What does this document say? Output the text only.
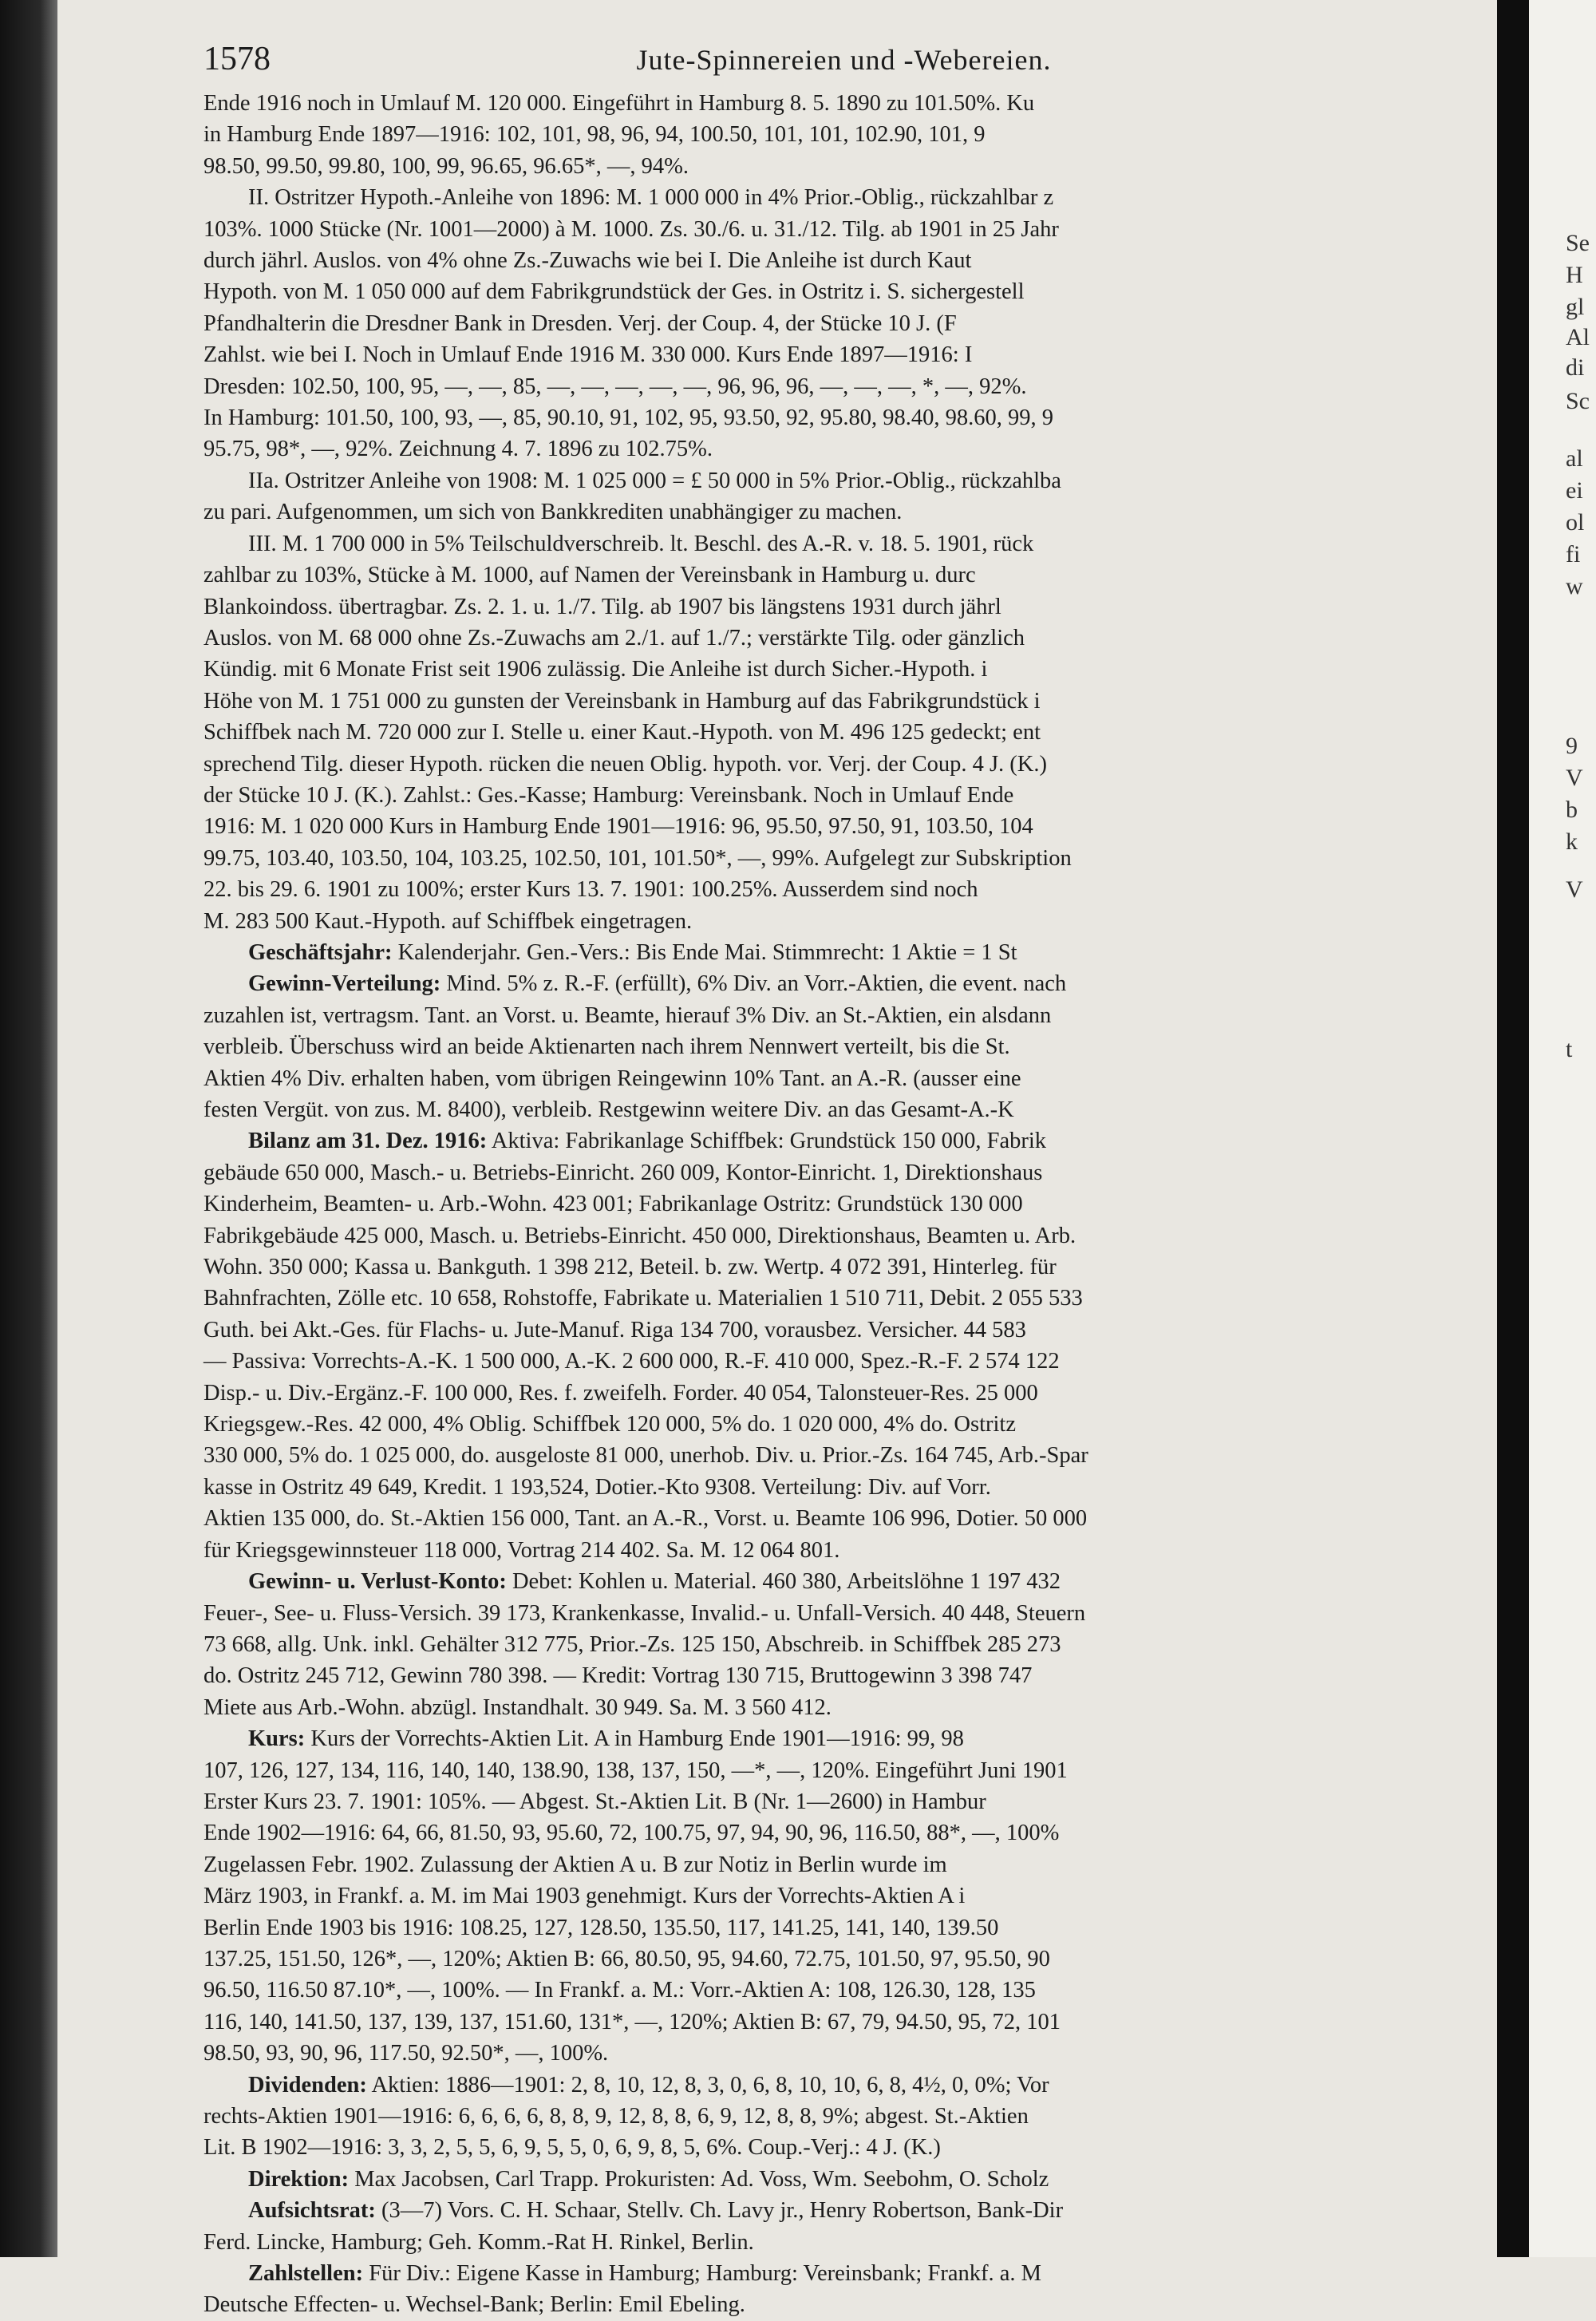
Se
H
gl
Al
di
Sc
al
ei
ol
fi
w
9
V
b
k
V
t
1578	Jute-Spinnereien und -Webereien.

Ende 1916 noch in Umlauf M. 120 000. Eingeführt in Hamburg 8. 5. 1890 zu 101.50%. Ku

in Hamburg Ende 1897—1916: 102, 101, 98, 96, 94, 100.50, 101, 101, 102.90, 101, 9

98.50, 99.50, 99.80, 100, 99, 96.65, 96.65*, —, 94%.

II. Ostritzer Hypoth.-Anleihe von 1896: M. 1 000 000 in 4% Prior.-Oblig., rückzahlbar z

103%. 1000 Stücke (Nr. 1001—2000) à M. 1000. Zs. 30./6. u. 31./12. Tilg. ab 1901 in 25 Jahr

durch jährl. Auslos. von 4% ohne Zs.-Zuwachs wie bei I. Die Anleihe ist durch Kaut

Hypoth. von M. 1 050 000 auf dem Fabrikgrundstück der Ges. in Ostritz i. S. sichergestell

Pfandhalterin die Dresdner Bank in Dresden. Verj. der Coup. 4, der Stücke 10 J. (F

Zahlst. wie bei I. Noch in Umlauf Ende 1916 M. 330 000. Kurs Ende 1897—1916: I

Dresden: 102.50, 100, 95, —, —, 85, —, —, —, —, —, 96, 96, 96, —, —, —, *, —, 92%.

In Hamburg: 101.50, 100, 93, —, 85, 90.10, 91, 102, 95, 93.50, 92, 95.80, 98.40, 98.60, 99, 9

95.75, 98*, —, 92%. Zeichnung 4. 7. 1896 zu 102.75%.

IIa. Ostritzer Anleihe von 1908: M. 1 025 000 = £ 50 000 in 5% Prior.-Oblig., rückzahlba

zu pari. Aufgenommen, um sich von Bankkrediten unabhängiger zu machen.

III. M. 1 700 000 in 5% Teilschuldverschreib. lt. Beschl. des A.-R. v. 18. 5. 1901, rück

zahlbar zu 103%, Stücke à M. 1000, auf Namen der Vereinsbank in Hamburg u. durc

Blankoindoss. übertragbar. Zs. 2. 1. u. 1./7. Tilg. ab 1907 bis längstens 1931 durch jährl

Auslos. von M. 68 000 ohne Zs.-Zuwachs am 2./1. auf 1./7.; verstärkte Tilg. oder gänzlich

Kündig. mit 6 Monate Frist seit 1906 zulässig. Die Anleihe ist durch Sicher.-Hypoth. i

Höhe von M. 1 751 000 zu gunsten der Vereinsbank in Hamburg auf das Fabrikgrundstück i

Schiffbek nach M. 720 000 zur I. Stelle u. einer Kaut.-Hypoth. von M. 496 125 gedeckt; ent

sprechend Tilg. dieser Hypoth. rücken die neuen Oblig. hypoth. vor. Verj. der Coup. 4 J. (K.)

der Stücke 10 J. (K.). Zahlst.: Ges.-Kasse; Hamburg: Vereinsbank. Noch in Umlauf Ende

1916: M. 1 020 000 Kurs in Hamburg Ende 1901—1916: 96, 95.50, 97.50, 91, 103.50, 104

99.75, 103.40, 103.50, 104, 103.25, 102.50, 101, 101.50*, —, 99%. Aufgelegt zur Subskription

22. bis 29. 6. 1901 zu 100%; erster Kurs 13. 7. 1901: 100.25%. Ausserdem sind noch

M. 283 500 Kaut.-Hypoth. auf Schiffbek eingetragen.

Geschäftsjahr: Kalenderjahr. Gen.-Vers.: Bis Ende Mai. Stimmrecht: 1 Aktie = 1 St

Gewinn-Verteilung: Mind. 5% z. R.-F. (erfüllt), 6% Div. an Vorr.-Aktien, die event. nach

zuzahlen ist, vertragsm. Tant. an Vorst. u. Beamte, hierauf 3% Div. an St.-Aktien, ein alsdann

verbleib. Überschuss wird an beide Aktienarten nach ihrem Nennwert verteilt, bis die St.

Aktien 4% Div. erhalten haben, vom übrigen Reingewinn 10% Tant. an A.-R. (ausser eine

festen Vergüt. von zus. M. 8400), verbleib. Restgewinn weitere Div. an das Gesamt-A.-K

Bilanz am 31. Dez. 1916: Aktiva: Fabrikanlage Schiffbek: Grundstück 150 000, Fabrik

gebäude 650 000, Masch.- u. Betriebs-Einricht. 260 009, Kontor-Einricht. 1, Direktionshaus

Kinderheim, Beamten- u. Arb.-Wohn. 423 001; Fabrikanlage Ostritz: Grundstück 130 000

Fabrikgebäude 425 000, Masch. u. Betriebs-Einricht. 450 000, Direktionshaus, Beamten u. Arb.

Wohn. 350 000; Kassa u. Bankguth. 1 398 212, Beteil. b. zw. Wertp. 4 072 391, Hinterleg. für

Bahnfrachten, Zölle etc. 10 658, Rohstoffe, Fabrikate u. Materialien 1 510 711, Debit. 2 055 533

Guth. bei Akt.-Ges. für Flachs- u. Jute-Manuf. Riga 134 700, vorausbez. Versicher. 44 583

— Passiva: Vorrechts-A.-K. 1 500 000, A.-K. 2 600 000, R.-F. 410 000, Spez.-R.-F. 2 574 122

Disp.- u. Div.-Ergänz.-F. 100 000, Res. f. zweifelh. Forder. 40 054, Talonsteuer-Res. 25 000

Kriegsgew.-Res. 42 000, 4% Oblig. Schiffbek 120 000, 5% do. 1 020 000, 4% do. Ostritz

330 000, 5% do. 1 025 000, do. ausgeloste 81 000, unerhob. Div. u. Prior.-Zs. 164 745, Arb.-Spar

kasse in Ostritz 49 649, Kredit. 1 193,524, Dotier.-Kto 9308. Verteilung: Div. auf Vorr.

Aktien 135 000, do. St.-Aktien 156 000, Tant. an A.-R., Vorst. u. Beamte 106 996, Dotier. 50 000

für Kriegsgewinnsteuer 118 000, Vortrag 214 402. Sa. M. 12 064 801.

Gewinn- u. Verlust-Konto: Debet: Kohlen u. Material. 460 380, Arbeitslöhne 1 197 432

Feuer-, See- u. Fluss-Versich. 39 173, Krankenkasse, Invalid.- u. Unfall-Versich. 40 448, Steuern

73 668, allg. Unk. inkl. Gehälter 312 775, Prior.-Zs. 125 150, Abschreib. in Schiffbek 285 273

do. Ostritz 245 712, Gewinn 780 398. — Kredit: Vortrag 130 715, Bruttogewinn 3 398 747

Miete aus Arb.-Wohn. abzügl. Instandhalt. 30 949. Sa. M. 3 560 412.

Kurs: Kurs der Vorrechts-Aktien Lit. A in Hamburg Ende 1901—1916: 99, 98

107, 126, 127, 134, 116, 140, 140, 138.90, 138, 137, 150, —*, —, 120%. Eingeführt Juni 1901

Erster Kurs 23. 7. 1901: 105%. — Abgest. St.-Aktien Lit. B (Nr. 1—2600) in Hambur

Ende 1902—1916: 64, 66, 81.50, 93, 95.60, 72, 100.75, 97, 94, 90, 96, 116.50, 88*, —, 100%

Zugelassen Febr. 1902. Zulassung der Aktien A u. B zur Notiz in Berlin wurde im

März 1903, in Frankf. a. M. im Mai 1903 genehmigt. Kurs der Vorrechts-Aktien A i

Berlin Ende 1903 bis 1916: 108.25, 127, 128.50, 135.50, 117, 141.25, 141, 140, 139.50

137.25, 151.50, 126*, —, 120%; Aktien B: 66, 80.50, 95, 94.60, 72.75, 101.50, 97, 95.50, 90

96.50, 116.50 87.10*, —, 100%. — In Frankf. a. M.: Vorr.-Aktien A: 108, 126.30, 128, 135

116, 140, 141.50, 137, 139, 137, 151.60, 131*, —, 120%; Aktien B: 67, 79, 94.50, 95, 72, 101

98.50, 93, 90, 96, 117.50, 92.50*, —, 100%.

Dividenden: Aktien: 1886—1901: 2, 8, 10, 12, 8, 3, 0, 6, 8, 10, 10, 6, 8, 4½, 0, 0%; Vor

rechts-Aktien 1901—1916: 6, 6, 6, 6, 8, 8, 9, 12, 8, 8, 6, 9, 12, 8, 8, 9%; abgest. St.-Aktien

Lit. B 1902—1916: 3, 3, 2, 5, 5, 6, 9, 5, 5, 0, 6, 9, 8, 5, 6%. Coup.-Verj.: 4 J. (K.)

Direktion: Max Jacobsen, Carl Trapp. Prokuristen: Ad. Voss, Wm. Seebohm, O. Scholz

Aufsichtsrat: (3—7) Vors. C. H. Schaar, Stellv. Ch. Lavy jr., Henry Robertson, Bank-Dir

Ferd. Lincke, Hamburg; Geh. Komm.-Rat H. Rinkel, Berlin.

Zahlstellen: Für Div.: Eigene Kasse in Hamburg; Hamburg: Vereinsbank; Frankf. a. M

Deutsche Effecten- u. Wechsel-Bank; Berlin: Emil Ebeling.
